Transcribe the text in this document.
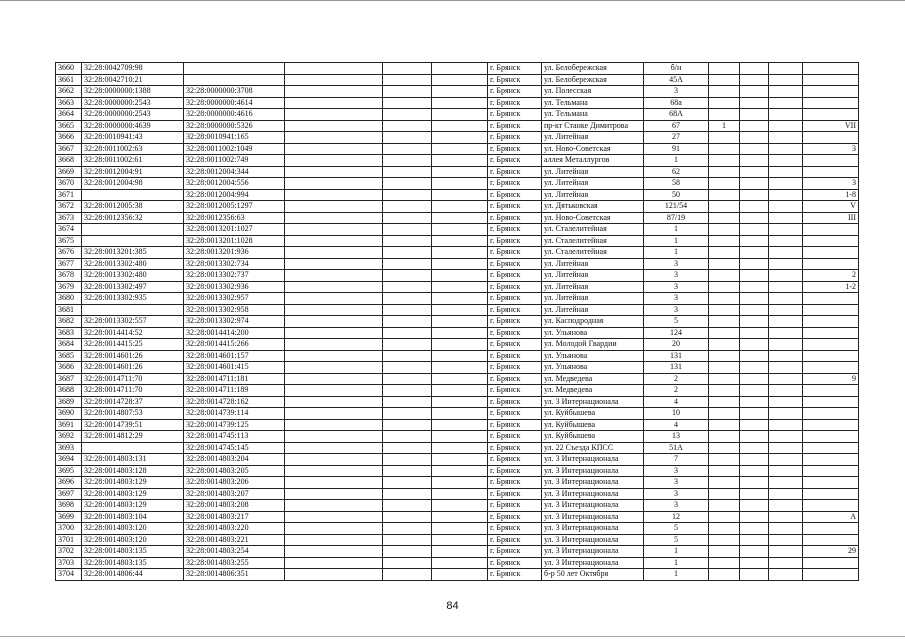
3660	32:28:0042709:98					г. Брянск	ул. Белобережская	б/н				
3661	32:28:0042710:21					г. Брянск	ул. Белобережская	45А				
3662	32:28:0000000:1388	32:28:0000000:3708				г. Брянск	ул. Полесская	3				
3663	32:28:0000000:2543	32:28:0000000:4614				г. Брянск	ул. Тельмана	68а				
3664	32:28:0000000:2543	32:28:0000000:4616				г. Брянск	ул. Тельмана	68А				
3665	32:28:0000000:4639	32:28:0000000:5326				г. Брянск	пр-кт Станке Димитрова	67	1			VII
3666	32:28:0010941:43	32:28:0010941:165				г. Брянск	ул. Литейная	27				
3667	32:28:0011002:63	32:28:0011002:1049				г. Брянск	ул. Ново-Советская	91				3
3668	32:28:0011002:61	32:28:0011002:749				г. Брянск	аллея Металлургов	1				
3669	32:28:0012004:91	32:28:0012004:344				г. Брянск	ул. Литейная	62				
3670	32:28:0012004:98	32:28:0012004:556				г. Брянск	ул. Литейная	58				3
3671		32:28:0012004:994				г. Брянск	ул. Литейная	50				1-8
3672	32:28:0012005:38	32:28:0012005:1297				г. Брянск	ул. Дятьковская	121/54				V
3673	32:28:0012356:32	32:28:0012356:63				г. Брянск	ул. Ново-Советская	87/19				III
3674		32:28:0013201:1027				г. Брянск	ул. Сталелитейная	1				
3675		32:28:0013201:1028				г. Брянск	ул. Сталелитейная	1				
3676	32:28:0013201:385	32:28:0013201:936				г. Брянск	ул. Сталелитейная	1				
3677	32:28:0013302:480	32:28:0013302:734				г. Брянск	ул. Литейная	3				
3678	32:28:0013302:480	32:28:0013302:737				г. Брянск	ул. Литейная	3				2
3679	32:28:0013302:497	32:28:0013302:936				г. Брянск	ул. Литейная	3				1-2
3680	32:28:0013302:935	32:28:0013302:957				г. Брянск	ул. Литейная	3				
3681		32:28:0013302:958				г. Брянск	ул. Литейная	3				
3682	32:28:0013302:557	32:28:0013302:974				г. Брянск	ул. Касподродная	5				
3683	32:28:0014414:52	32:28:0014414:200				г. Брянск	ул. Ульянова	124				
3684	32:28:0014415:25	32:28:0014415:266				г. Брянск	ул. Молодой Гвардии	20				
3685	32:28:0014601:26	32:28:0014601:157				г. Брянск	ул. Ульянова	131				
3686	32:28:0014601:26	32:28:0014601:415				г. Брянск	ул. Ульянова	131				
3687	32:28:0014711:70	32:28:0014711:181				г. Брянск	ул. Медведева	2				9
3688	32:28:0014711:70	32:28:0014711:189				г. Брянск	ул. Медведева	2				
3689	32:28:0014728:37	32:28:0014728:162				г. Брянск	ул. 3 Интернационала	4				
3690	32:28:0014807:53	32:28:0014739:114				г. Брянск	ул. Куйбышева	10				
3691	32:28:0014739:51	32:28:0014739:125				г. Брянск	ул. Куйбышева	4				
3692	32:28:0014812:29	32:28:0014745:113				г. Брянск	ул. Куйбышева	13				
3693		32:28:0014745:145				г. Брянск	ул. 22 Съезда КПСС	51А				
3694	32:28:0014803:131	32:28:0014803:204				г. Брянск	ул. 3 Интернационала	7				
3695	32:28:0014803:128	32:28:0014803:205				г. Брянск	ул. 3 Интернационала	3				
3696	32:28:0014803:129	32:28:0014803:206				г. Брянск	ул. 3 Интернационала	3				
3697	32:28:0014803:129	32:28:0014803:207				г. Брянск	ул. 3 Интернационала	3				
3698	32:28:0014803:129	32:28:0014803:208				г. Брянск	ул. 3 Интернационала	3				
3699	32:28:0014803:104	32:28:0014803:217				г. Брянск	ул. 3 Интернационала	12				А
3700	32:28:0014803:120	32:28:0014803:220				г. Брянск	ул. 3 Интернационала	5				
3701	32:28:0014803:120	32:28:0014803:221				г. Брянск	ул. 3 Интернационала	5				
3702	32:28:0014803:135	32:28:0014803:254				г. Брянск	ул. 3 Интернационала	1				29
3703	32:28:0014803:135	32:28:0014803:255				г. Брянск	ул. 3 Интернационала	1				
3704	32:28:0014806:44	32:28:0014806:351				г. Брянск	б-р 50 лет Октября	1				
84
